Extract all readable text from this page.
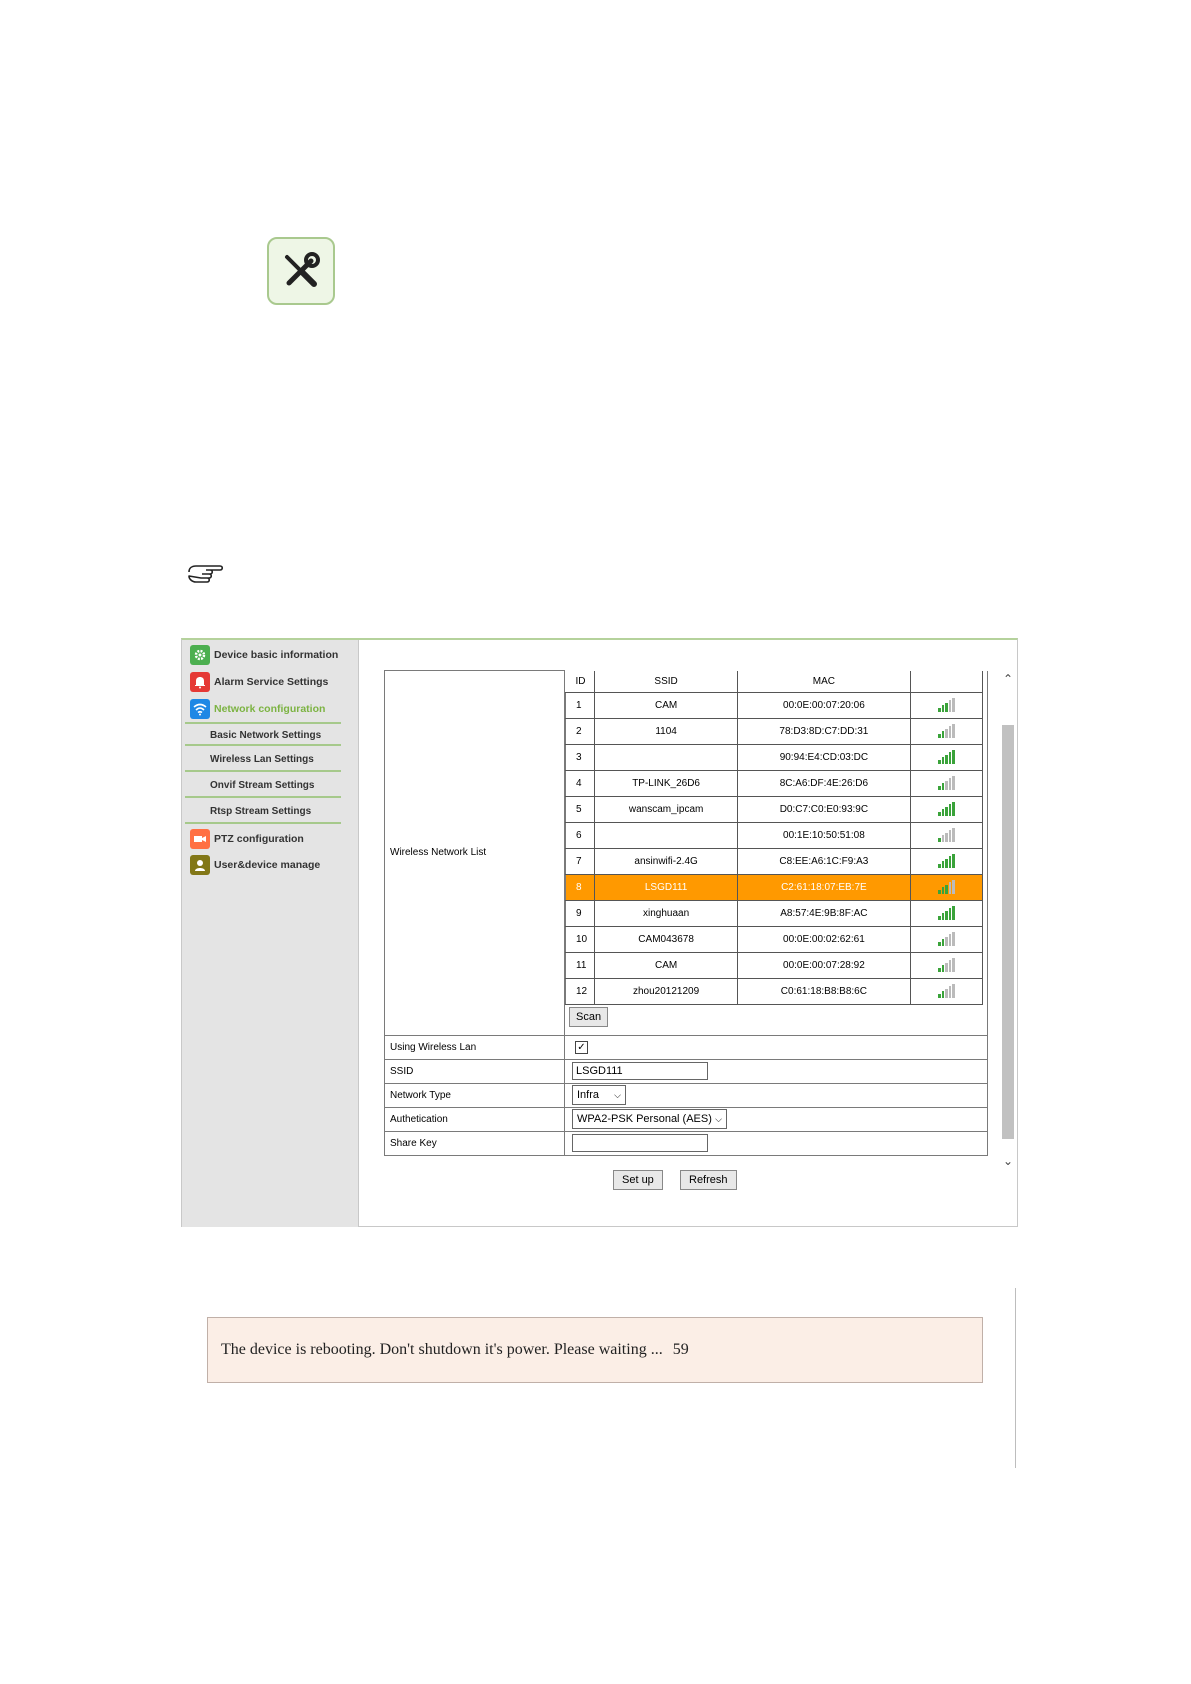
Device basic information
Alarm Service Settings
Network configuration
Basic Network Settings
Wireless Lan Settings
Onvif Stream Settings
Rtsp Stream Settings
PTZ configuration
User&device manage
Wireless Network List	
ID	SSID	MAC	
1	CAM	00:0E:00:07:20:06	

2	1104	78:D3:8D:C7:DD:31	

3		90:94:E4:CD:03:DC	

4	TP-LINK_26D6	8C:A6:DF:4E:26:D6	

5	wanscam_ipcam	D0:C7:C0:E0:93:9C	

6		00:1E:10:50:51:08	

7	ansinwifi-2.4G	C8:EE:A6:1C:F9:A3	

8	LSGD111	C2:61:18:07:EB:7E	

9	xinghuaan	A8:57:4E:9B:8F:AC	

10	CAM043678	00:0E:00:02:62:61	

11	CAM	00:0E:00:07:28:92	

12	zhou20121209	C0:61:18:B8:B8:6C	
Scan

Using Wireless Lan	✓

SSID	LSGD111
Network Type	Infra	⌵

Authetication	WPA2-PSK Personal (AES) ⌵

Share Key	
⌃
⌄
Set up	Refresh
The device is rebooting. Don't shutdown it's power. Please waiting ... 59
